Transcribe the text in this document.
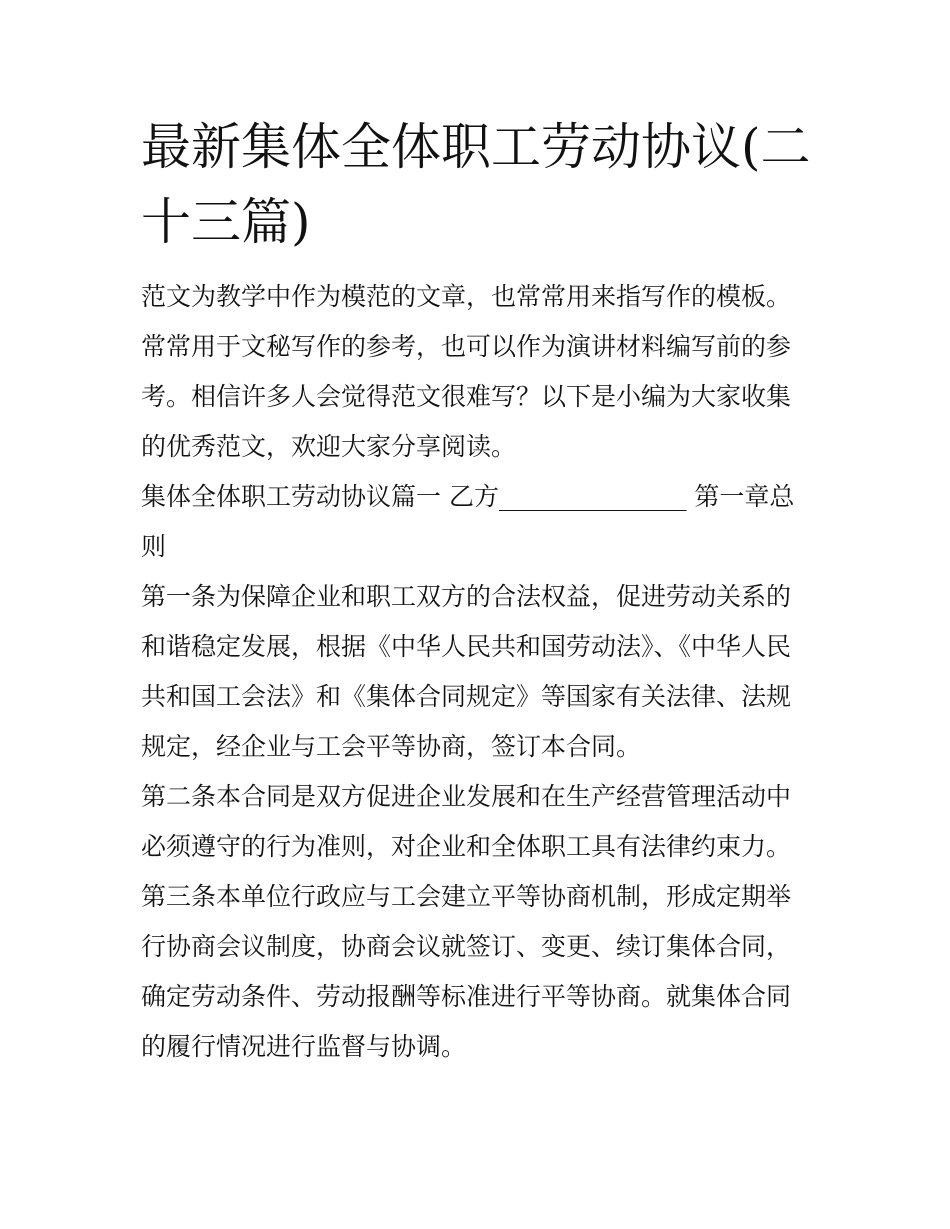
最新集体全体职工劳动协议(二十三篇)

范文为教学中作为模范的文章，也常常用来指写作的模板。常常用于文秘写作的参考，也可以作为演讲材料编写前的参考。相信许多人会觉得范文很难写？以下是小编为大家收集的优秀范文，欢迎大家分享阅读。

集体全体职工劳动协议篇一 乙方_______________ 第一章总则

第一条为保障企业和职工双方的合法权益，促进劳动关系的和谐稳定发展，根据《中华人民共和国劳动法》、《中华人民共和国工会法》和《集体合同规定》等国家有关法律、法规规定，经企业与工会平等协商，签订本合同。

第二条本合同是双方促进企业发展和在生产经营管理活动中必须遵守的行为准则，对企业和全体职工具有法律约束力。

第三条本单位行政应与工会建立平等协商机制，形成定期举行协商会议制度，协商会议就签订、变更、续订集体合同，确定劳动条件、劳动报酬等标准进行平等协商。就集体合同的履行情况进行监督与协调。
